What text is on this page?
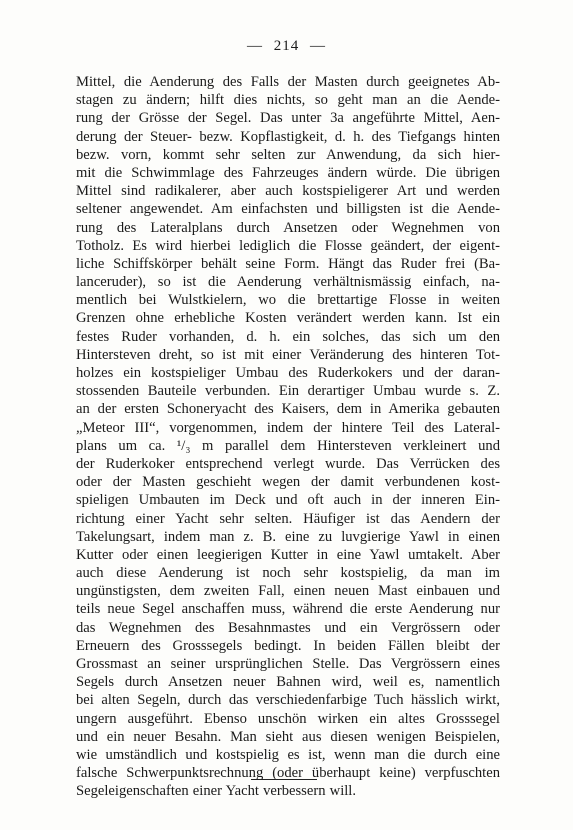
— 214 —
Mittel, die Aenderung des Falls der Masten durch geeignetes Ab-
stagen zu ändern; hilft dies nichts, so geht man an die Aende-
rung der Grösse der Segel. Das unter 3a angeführte Mittel, Aen-
derung der Steuer- bezw. Kopflastigkeit, d. h. des Tiefgangs hinten
bezw. vorn, kommt sehr selten zur Anwendung, da sich hier-
mit die Schwimmlage des Fahrzeuges ändern würde. Die übrigen
Mittel sind radikalerer, aber auch kostspieligerer Art und werden
seltener angewendet. Am einfachsten und billigsten ist die Aende-
rung des Lateralplans durch Ansetzen oder Wegnehmen von
Totholz. Es wird hierbei lediglich die Flosse geändert, der eigent-
liche Schiffskörper behält seine Form. Hängt das Ruder frei (Ba-
lanceruder), so ist die Aenderung verhältnismässig einfach, na-
mentlich bei Wulstkielern, wo die brettartige Flosse in weiten
Grenzen ohne erhebliche Kosten verändert werden kann. Ist ein
festes Ruder vorhanden, d. h. ein solches, das sich um den
Hintersteven dreht, so ist mit einer Veränderung des hinteren Tot-
holzes ein kostspieliger Umbau des Ruderkokers und der daran-
stossenden Bauteile verbunden. Ein derartiger Umbau wurde s. Z.
an der ersten Schoneryacht des Kaisers, dem in Amerika gebauten
„Meteor III“, vorgenommen, indem der hintere Teil des Lateral-
plans um ca. ¹/₃ m parallel dem Hintersteven verkleinert und
der Ruderkoker entsprechend verlegt wurde. Das Verrücken des
oder der Masten geschieht wegen der damit verbundenen kost-
spieligen Umbauten im Deck und oft auch in der inneren Ein-
richtung einer Yacht sehr selten. Häufiger ist das Aendern der
Takelungsart, indem man z. B. eine zu luvgierige Yawl in einen
Kutter oder einen leegierigen Kutter in eine Yawl umtakelt. Aber
auch diese Aenderung ist noch sehr kostspielig, da man im
ungünstigsten, dem zweiten Fall, einen neuen Mast einbauen und
teils neue Segel anschaffen muss, während die erste Aenderung nur
das Wegnehmen des Besahnmastes und ein Vergrössern oder
Erneuern des Grosssegels bedingt. In beiden Fällen bleibt der
Grossmast an seiner ursprünglichen Stelle. Das Vergrössern eines
Segels durch Ansetzen neuer Bahnen wird, weil es, namentlich
bei alten Segeln, durch das verschiedenfarbige Tuch hässlich wirkt,
ungern ausgeführt. Ebenso unschön wirken ein altes Grosssegel
und ein neuer Besahn. Man sieht aus diesen wenigen Beispielen,
wie umständlich und kostspielig es ist, wenn man die durch eine
falsche Schwerpunktsrechnung (oder überhaupt keine) verpfuschten
Segeleigenschaften einer Yacht verbessern will.
